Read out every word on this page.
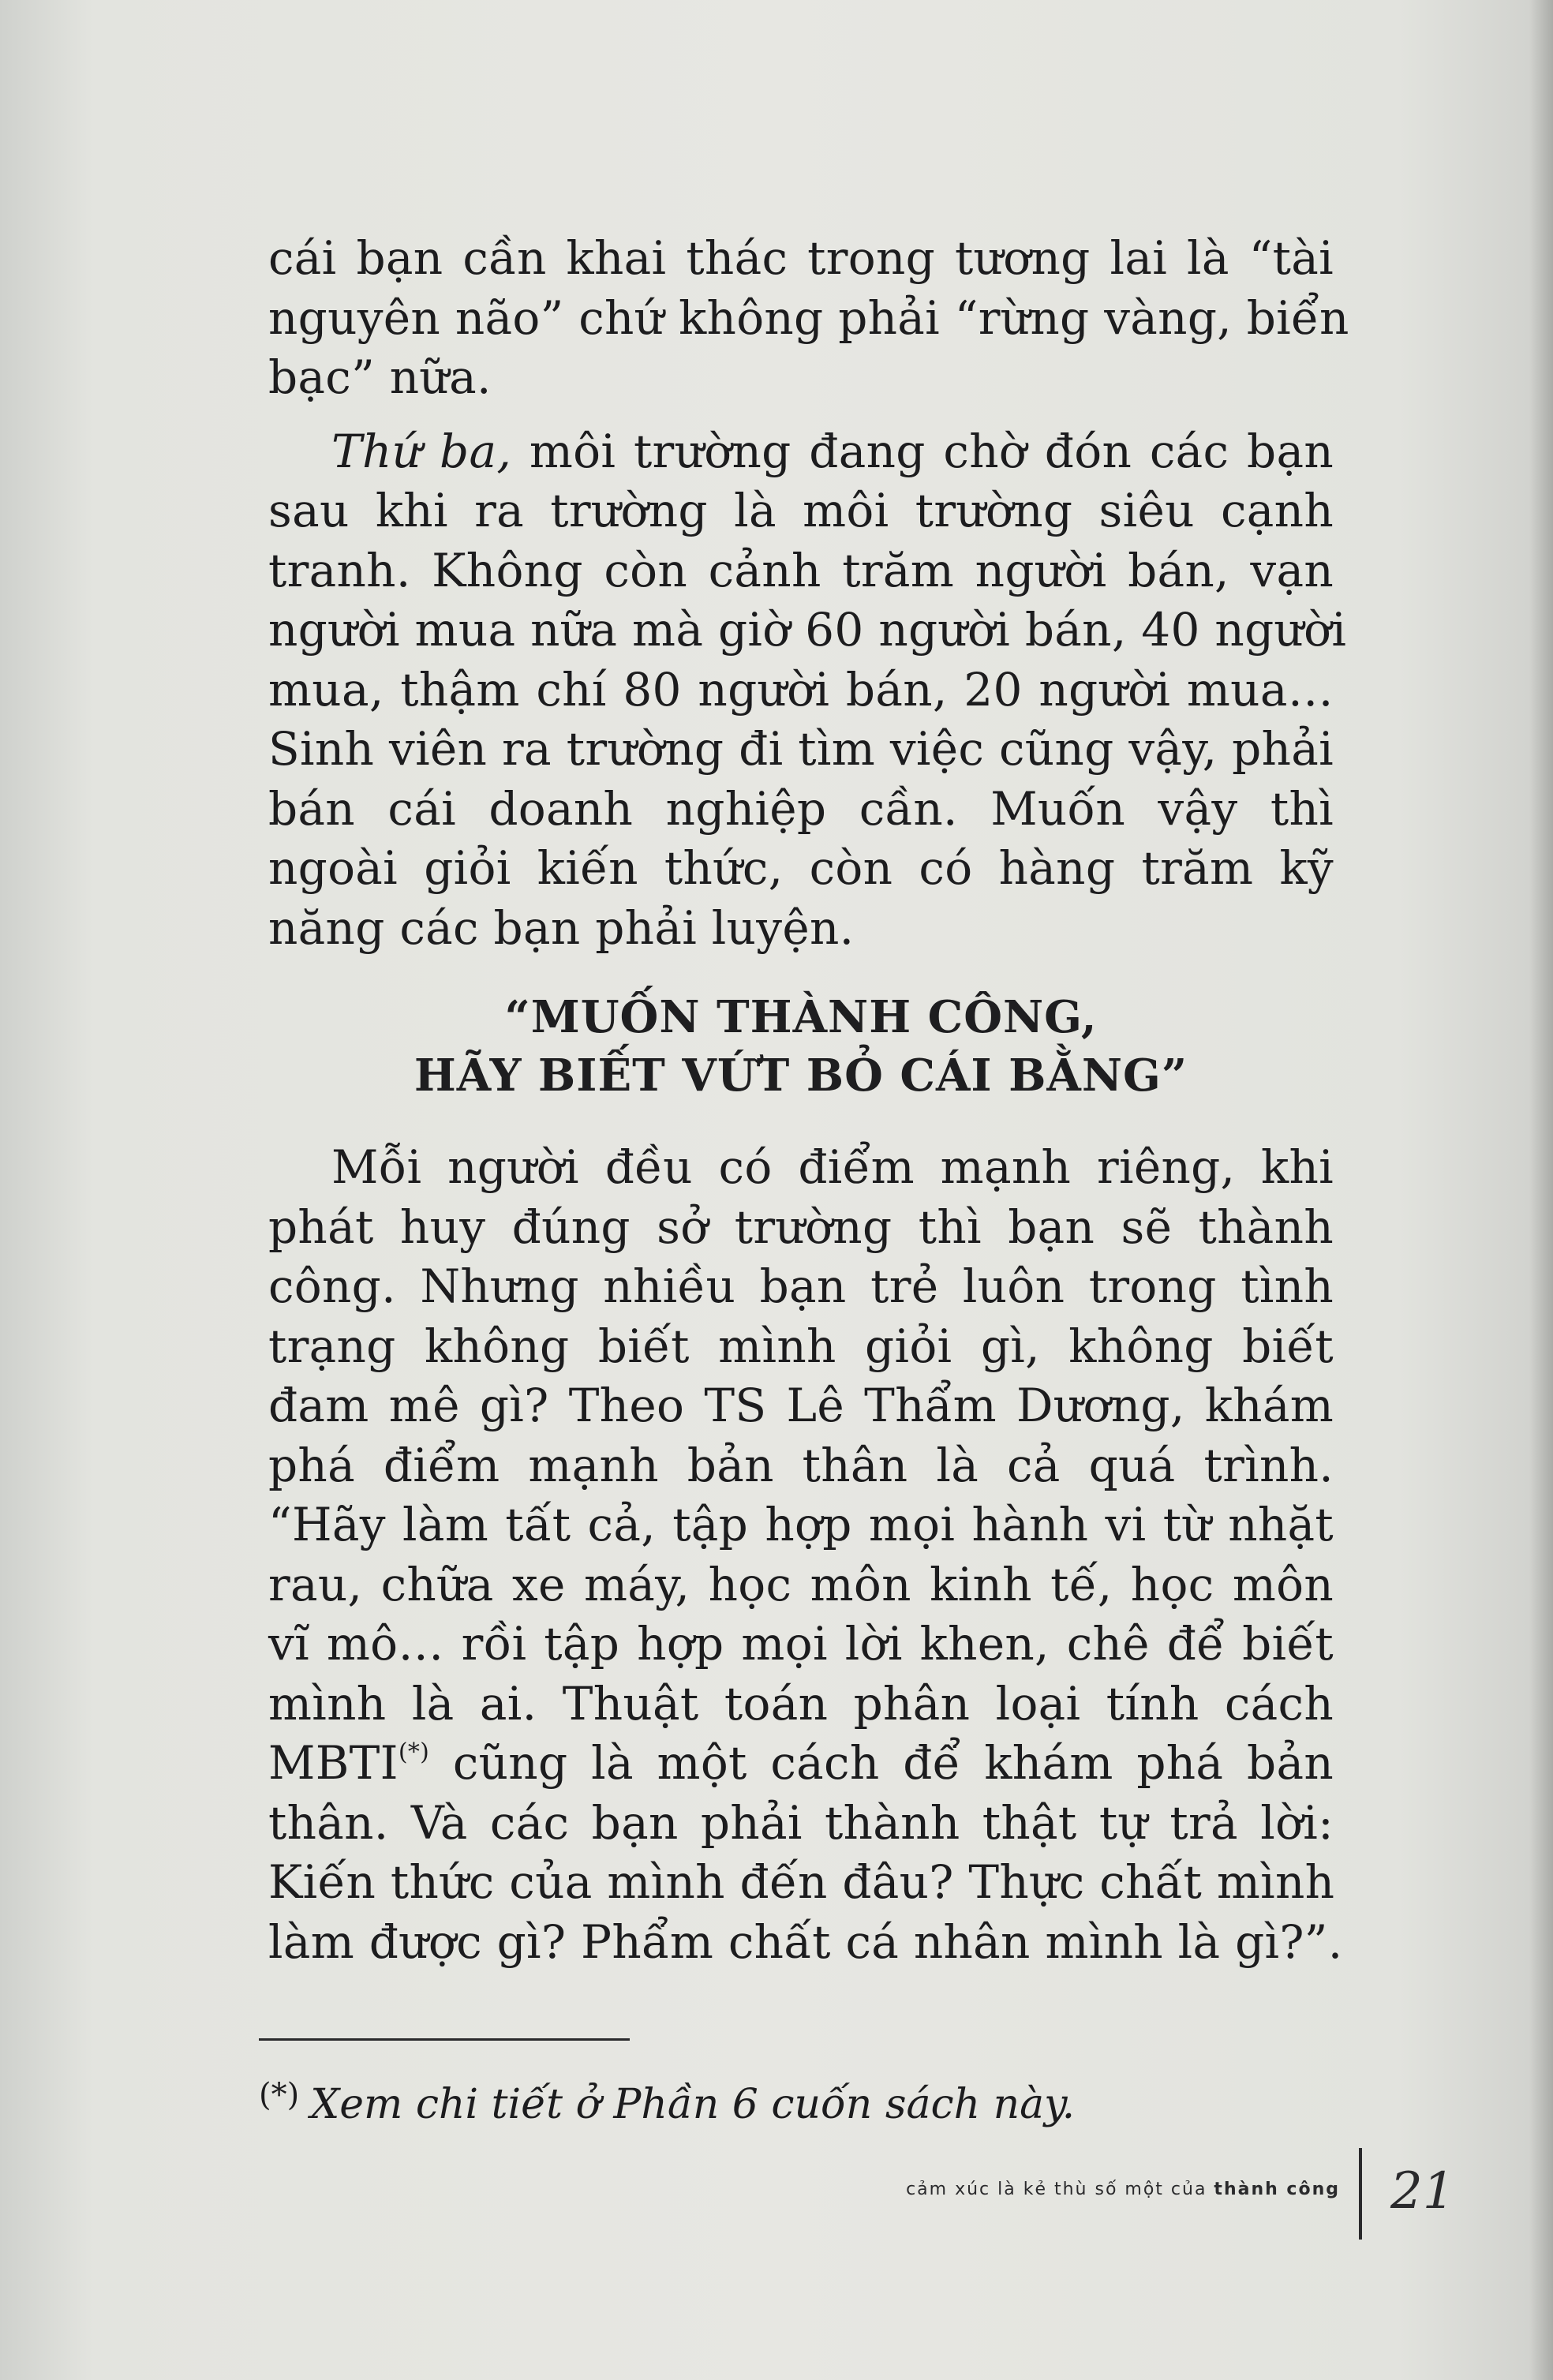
cái bạn cần khai thác trong tương lai là “tài
nguyên não” chứ không phải “rừng vàng, biển
bạc” nữa.

Thứ ba, môi trường đang chờ đón các bạn
sau khi ra trường là môi trường siêu cạnh
tranh. Không còn cảnh trăm người bán, vạn
người mua nữa mà giờ 60 người bán, 40 người
mua, thậm chí 80 người bán, 20 người mua…
Sinh viên ra trường đi tìm việc cũng vậy, phải
bán cái doanh nghiệp cần. Muốn vậy thì
ngoài giỏi kiến thức, còn có hàng trăm kỹ
năng các bạn phải luyện.

“MUỐN THÀNH CÔNG,
HÃY BIẾT VỨT BỎ CÁI BẰNG”

Mỗi người đều có điểm mạnh riêng, khi
phát huy đúng sở trường thì bạn sẽ thành
công. Nhưng nhiều bạn trẻ luôn trong tình
trạng không biết mình giỏi gì, không biết
đam mê gì? Theo TS Lê Thẩm Dương, khám
phá điểm mạnh bản thân là cả quá trình.
“Hãy làm tất cả, tập hợp mọi hành vi từ nhặt
rau, chữa xe máy, học môn kinh tế, học môn
vĩ mô… rồi tập hợp mọi lời khen, chê để biết
mình là ai. Thuật toán phân loại tính cách
MBTI(*) cũng là một cách để khám phá bản
thân. Và các bạn phải thành thật tự trả lời:
Kiến thức của mình đến đâu? Thực chất mình
làm được gì? Phẩm chất cá nhân mình là gì?”.

(*) Xem chi tiết ở Phần 6 cuốn sách này.
cảm xúc là kẻ thù số một của thành công 21
